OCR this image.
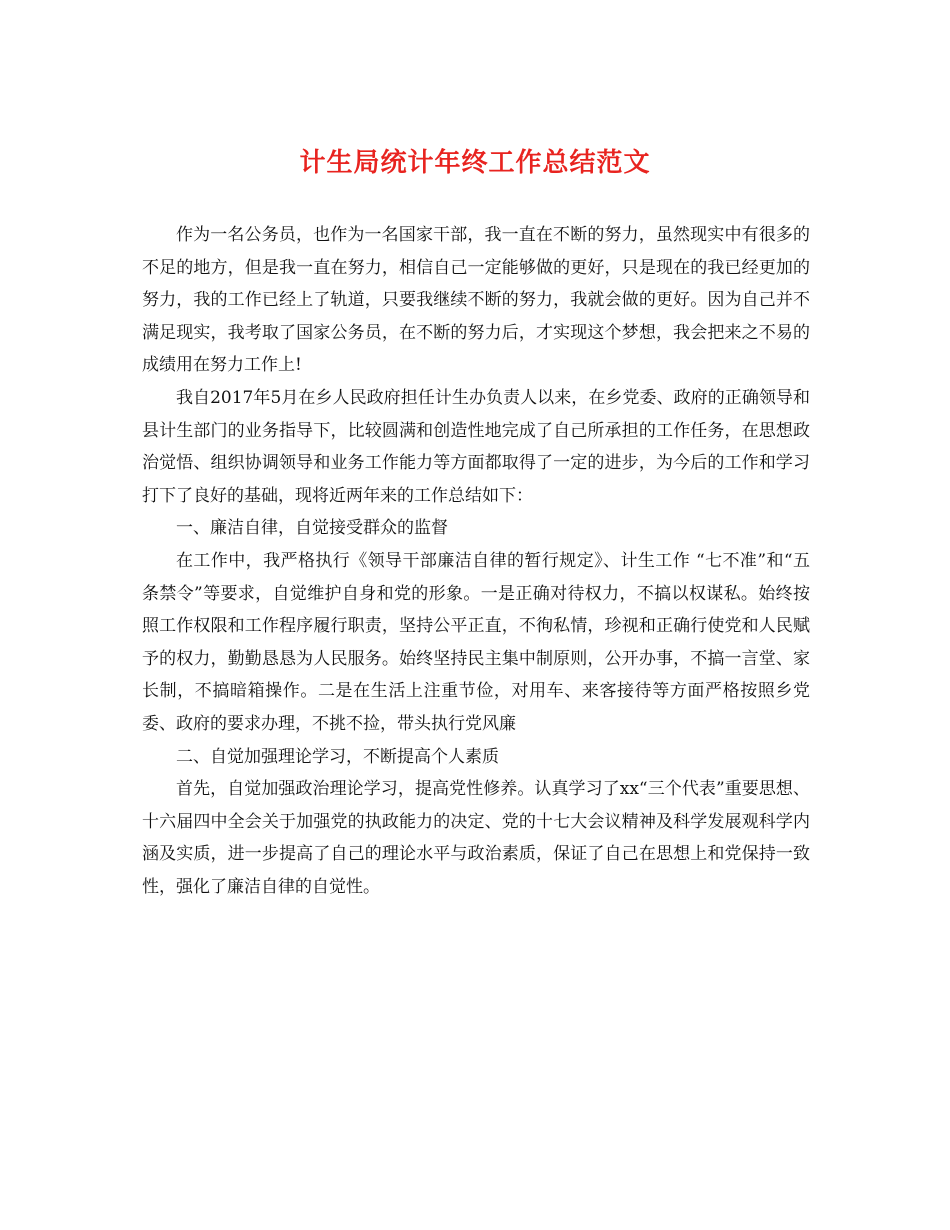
计生局统计年终工作总结范文

作为一名公务员，也作为一名国家干部，我一直在不断的努力，虽然现实中有很多的不足的地方，但是我一直在努力，相信自己一定能够做的更好，只是现在的我已经更加的努力，我的工作已经上了轨道，只要我继续不断的努力，我就会做的更好。因为自己并不满足现实，我考取了国家公务员，在不断的努力后，才实现这个梦想，我会把来之不易的成绩用在努力工作上!

我自2017年5月在乡人民政府担任计生办负责人以来，在乡党委、政府的正确领导和县计生部门的业务指导下，比较圆满和创造性地完成了自己所承担的工作任务，在思想政治觉悟、组织协调领导和业务工作能力等方面都取得了一定的进步，为今后的工作和学习打下了良好的基础，现将近两年来的工作总结如下：

一、廉洁自律，自觉接受群众的监督

在工作中，我严格执行《领导干部廉洁自律的暂行规定》、计生工作 “七不准”和“五条禁令”等要求，自觉维护自身和党的形象。一是正确对待权力，不搞以权谋私。始终按照工作权限和工作程序履行职责，坚持公平正直，不徇私情，珍视和正确行使党和人民赋予的权力，勤勤恳恳为人民服务。始终坚持民主集中制原则，公开办事，不搞一言堂、家长制，不搞暗箱操作。二是在生活上注重节俭，对用车、来客接待等方面严格按照乡党委、政府的要求办理，不挑不捡，带头执行党风廉

二、自觉加强理论学习，不断提高个人素质

首先，自觉加强政治理论学习，提高党性修养。认真学习了xx“三个代表”重要思想、十六届四中全会关于加强党的执政能力的决定、党的十七大会议精神及科学发展观科学内涵及实质，进一步提高了自己的理论水平与政治素质，保证了自己在思想上和党保持一致性，强化了廉洁自律的自觉性。
